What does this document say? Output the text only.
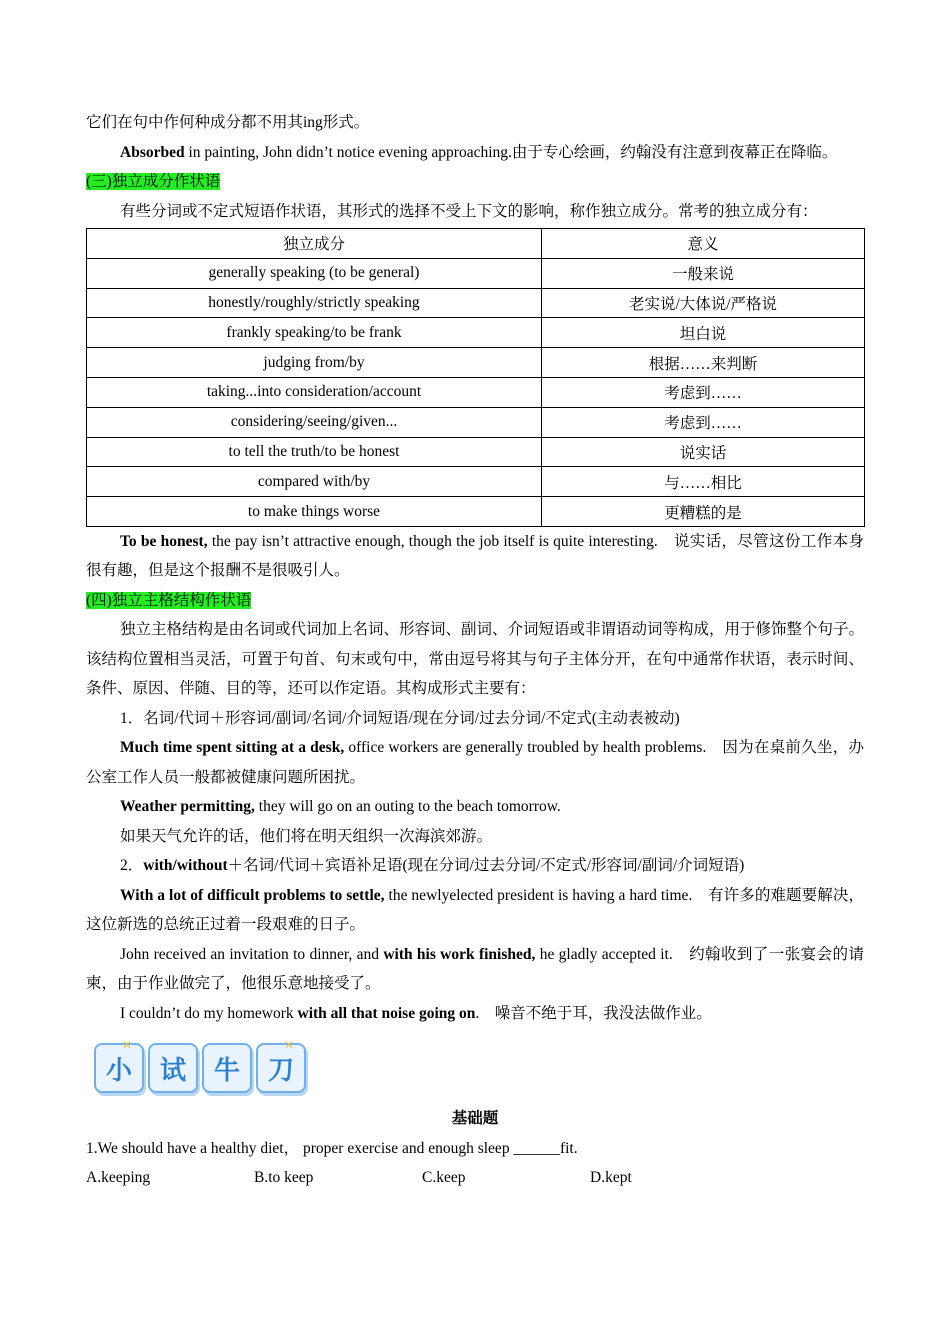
它们在句中作何种成分都不用其ing形式。

Absorbed in painting, John didn’t notice evening approaching.由于专心绘画，约翰没有注意到夜幕正在降临。

(三)独立成分作状语

有些分词或不定式短语作状语，其形式的选择不受上下文的影响，称作独立成分。常考的独立成分有：

独立成分	意义
generally speaking (to be general)	一般来说
honestly/roughly/strictly speaking	老实说/大体说/严格说
frankly speaking/to be frank	坦白说
judging from/by	根据……来判断
taking...into consideration/account	考虑到……
considering/seeing/given...	考虑到……
to tell the truth/to be honest	说实话
compared with/by	与……相比
to make things worse	更糟糕的是

To be honest, the pay isn’t attractive enough, though the job itself is quite interesting.　说实话，尽管这份工作本身很有趣，但是这个报酬不是很吸引人。

(四)独立主格结构作状语

独立主格结构是由名词或代词加上名词、形容词、副词、介词短语或非谓语动词等构成，用于修饰整个句子。该结构位置相当灵活，可置于句首、句末或句中，常由逗号将其与句子主体分开，在句中通常作状语，表示时间、条件、原因、伴随、目的等，还可以作定语。其构成形式主要有：

1．名词/代词＋形容词/副词/名词/介词短语/现在分词/过去分词/不定式(主动表被动)

Much time spent sitting at a desk, office workers are generally troubled by health problems.　因为在桌前久坐，办公室工作人员一般都被健康问题所困扰。

Weather permitting, they will go on an outing to the beach tomorrow.

如果天气允许的话，他们将在明天组织一次海滨郊游。

2．with/without＋名词/代词＋宾语补足语(现在分词/过去分词/不定式/形容词/副词/介词短语)

With a lot of difficult problems to settle, the newlyelected president is having a hard time.　有许多的难题要解决，这位新选的总统正过着一段艰难的日子。

John received an invitation to dinner, and with his work finished, he gladly accepted it.　约翰收到了一张宴会的请柬，由于作业做完了，他很乐意地接受了。

I couldn’t do my homework with all that noise going on.　噪音不绝于耳，我没法做作业。

✕
小 试 牛
✕
刀

基础题

1.We should have a healthy diet， proper exercise and enough sleep ______fit.

A.keeping	B.to keep	C.keep	D.kept
